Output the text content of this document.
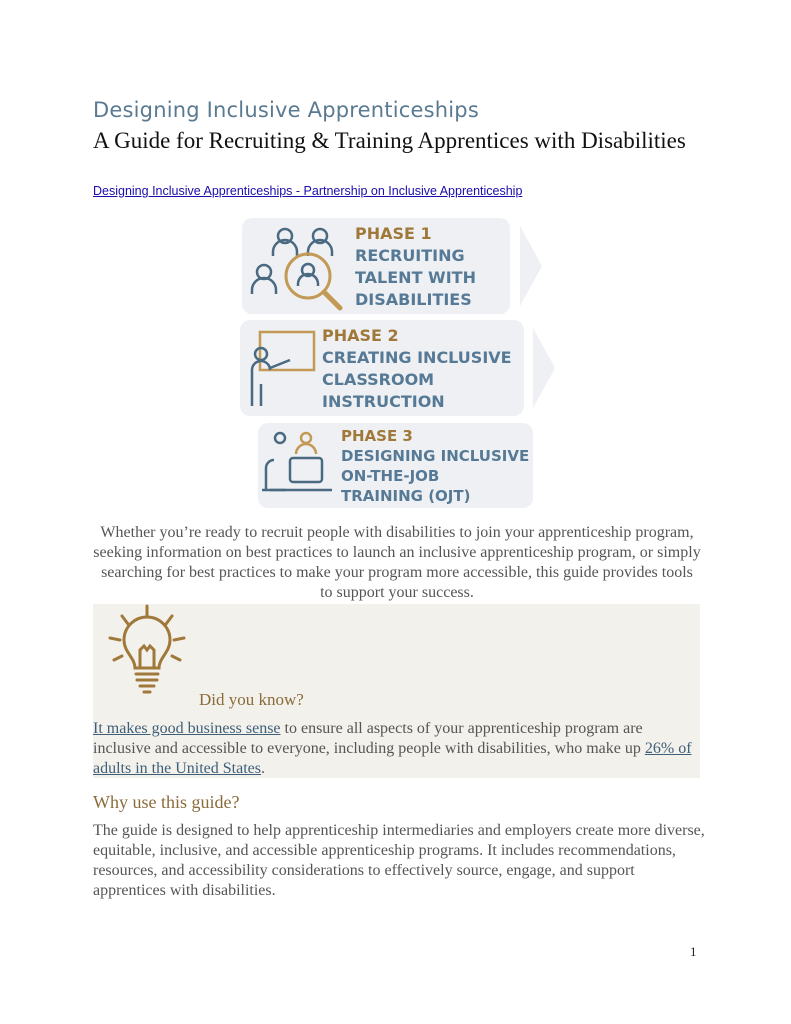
Designing Inclusive Apprenticeships
A Guide for Recruiting & Training Apprentices with Disabilities
Designing Inclusive Apprenticeships - Partnership on Inclusive Apprenticeship
PHASE 1
RECRUITING
TALENT WITH
DISABILITIES
PHASE 2
CREATING INCLUSIVE
CLASSROOM
INSTRUCTION
PHASE 3
DESIGNING INCLUSIVE
ON-THE-JOB
TRAINING (OJT)
Whether you’re ready to recruit people with disabilities to join your apprenticeship program, seeking information on best practices to launch an inclusive apprenticeship program, or simply searching for best practices to make your program more accessible, this guide provides tools to support your success.
Did you know?
It makes good business sense to ensure all aspects of your apprenticeship program are inclusive and accessible to everyone, including people with disabilities, who make up 26% of adults in the United States.
Why use this guide?
The guide is designed to help apprenticeship intermediaries and employers create more diverse, equitable, inclusive, and accessible apprenticeship programs. It includes recommendations, resources, and accessibility considerations to effectively source, engage, and support apprentices with disabilities.
1
